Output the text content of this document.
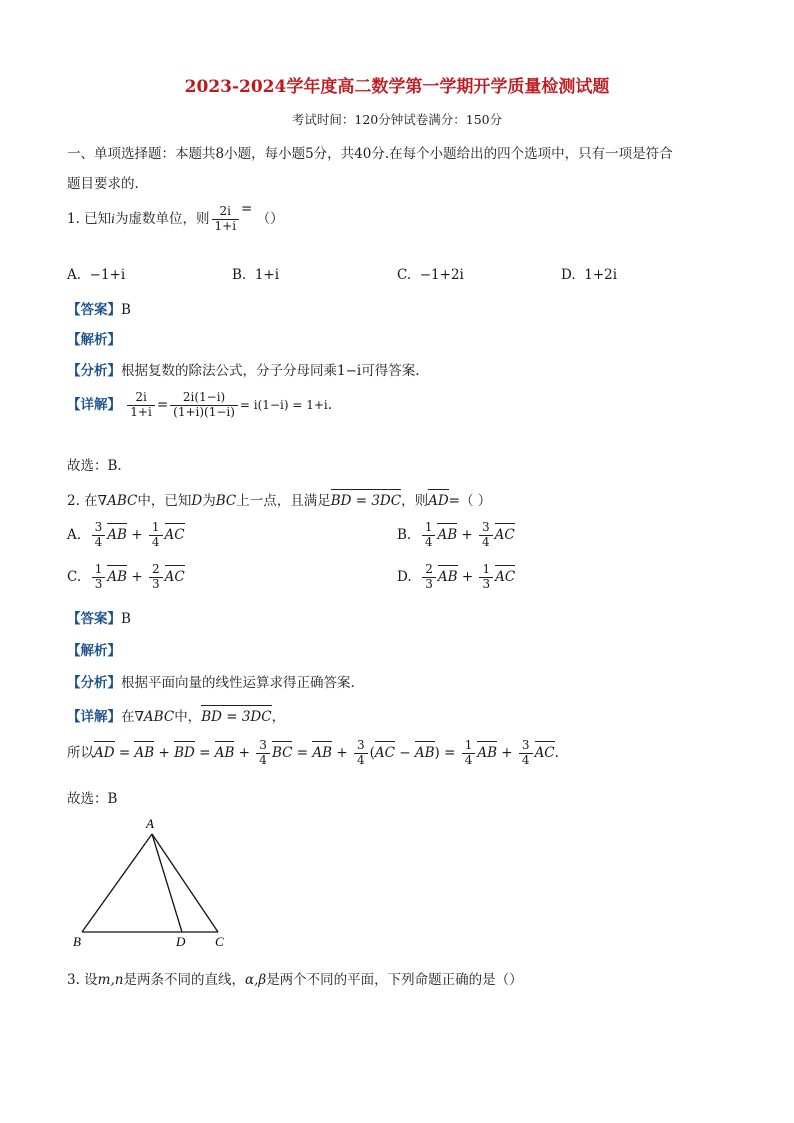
2023-2024学年度高二数学第一学期开学质量检测试题
考试时间：120分钟试卷满分：150分
一、单项选择题：本题共8小题，每小题5分，共40分.在每个小题给出的四个选项中，只有一项是符合
题目要求的.
1. 已知i为虚数单位，则 $\frac{2i}{1+i}$ = （）
A. −1+i	B. 1+i	C. −1+2i	D. 1+2i
【答案】B
【解析】
【分析】根据复数的除法公式，分子分母同乘1−i可得答案.
【详解】 $\frac{2i}{1+i} = \frac{2i(1-i)}{(1+i)(1-i)} = i(1-i) = 1+i$.
故选：B.
2. 在∇ABC中，已知D为BC上一点，且满足BD = 3DC，则AD=（ ）
A. $\frac{3}{4}$ AB + $\frac{1}{4}$ AC	B. $\frac{1}{4}$ AB + $\frac{3}{4}$ AC
C. $\frac{1}{3}$ AB + $\frac{2}{3}$ AC	D. $\frac{2}{3}$ AB + $\frac{1}{3}$ AC
【答案】B
【解析】
【分析】根据平面向量的线性运算求得正确答案.
【详解】在∇ABC中，BD = 3DC，
所以AD = AB + BD = AB + $\frac{3}{4}$ BC = AB + $\frac{3}{4} (AC - AB) = \frac{1}{4}$ AB + $\frac{3}{4}$ AC.
故选：B
A
B	D C
3. 设m,n是两条不同的直线，α,β是两个不同的平面，下列命题正确的是（）
